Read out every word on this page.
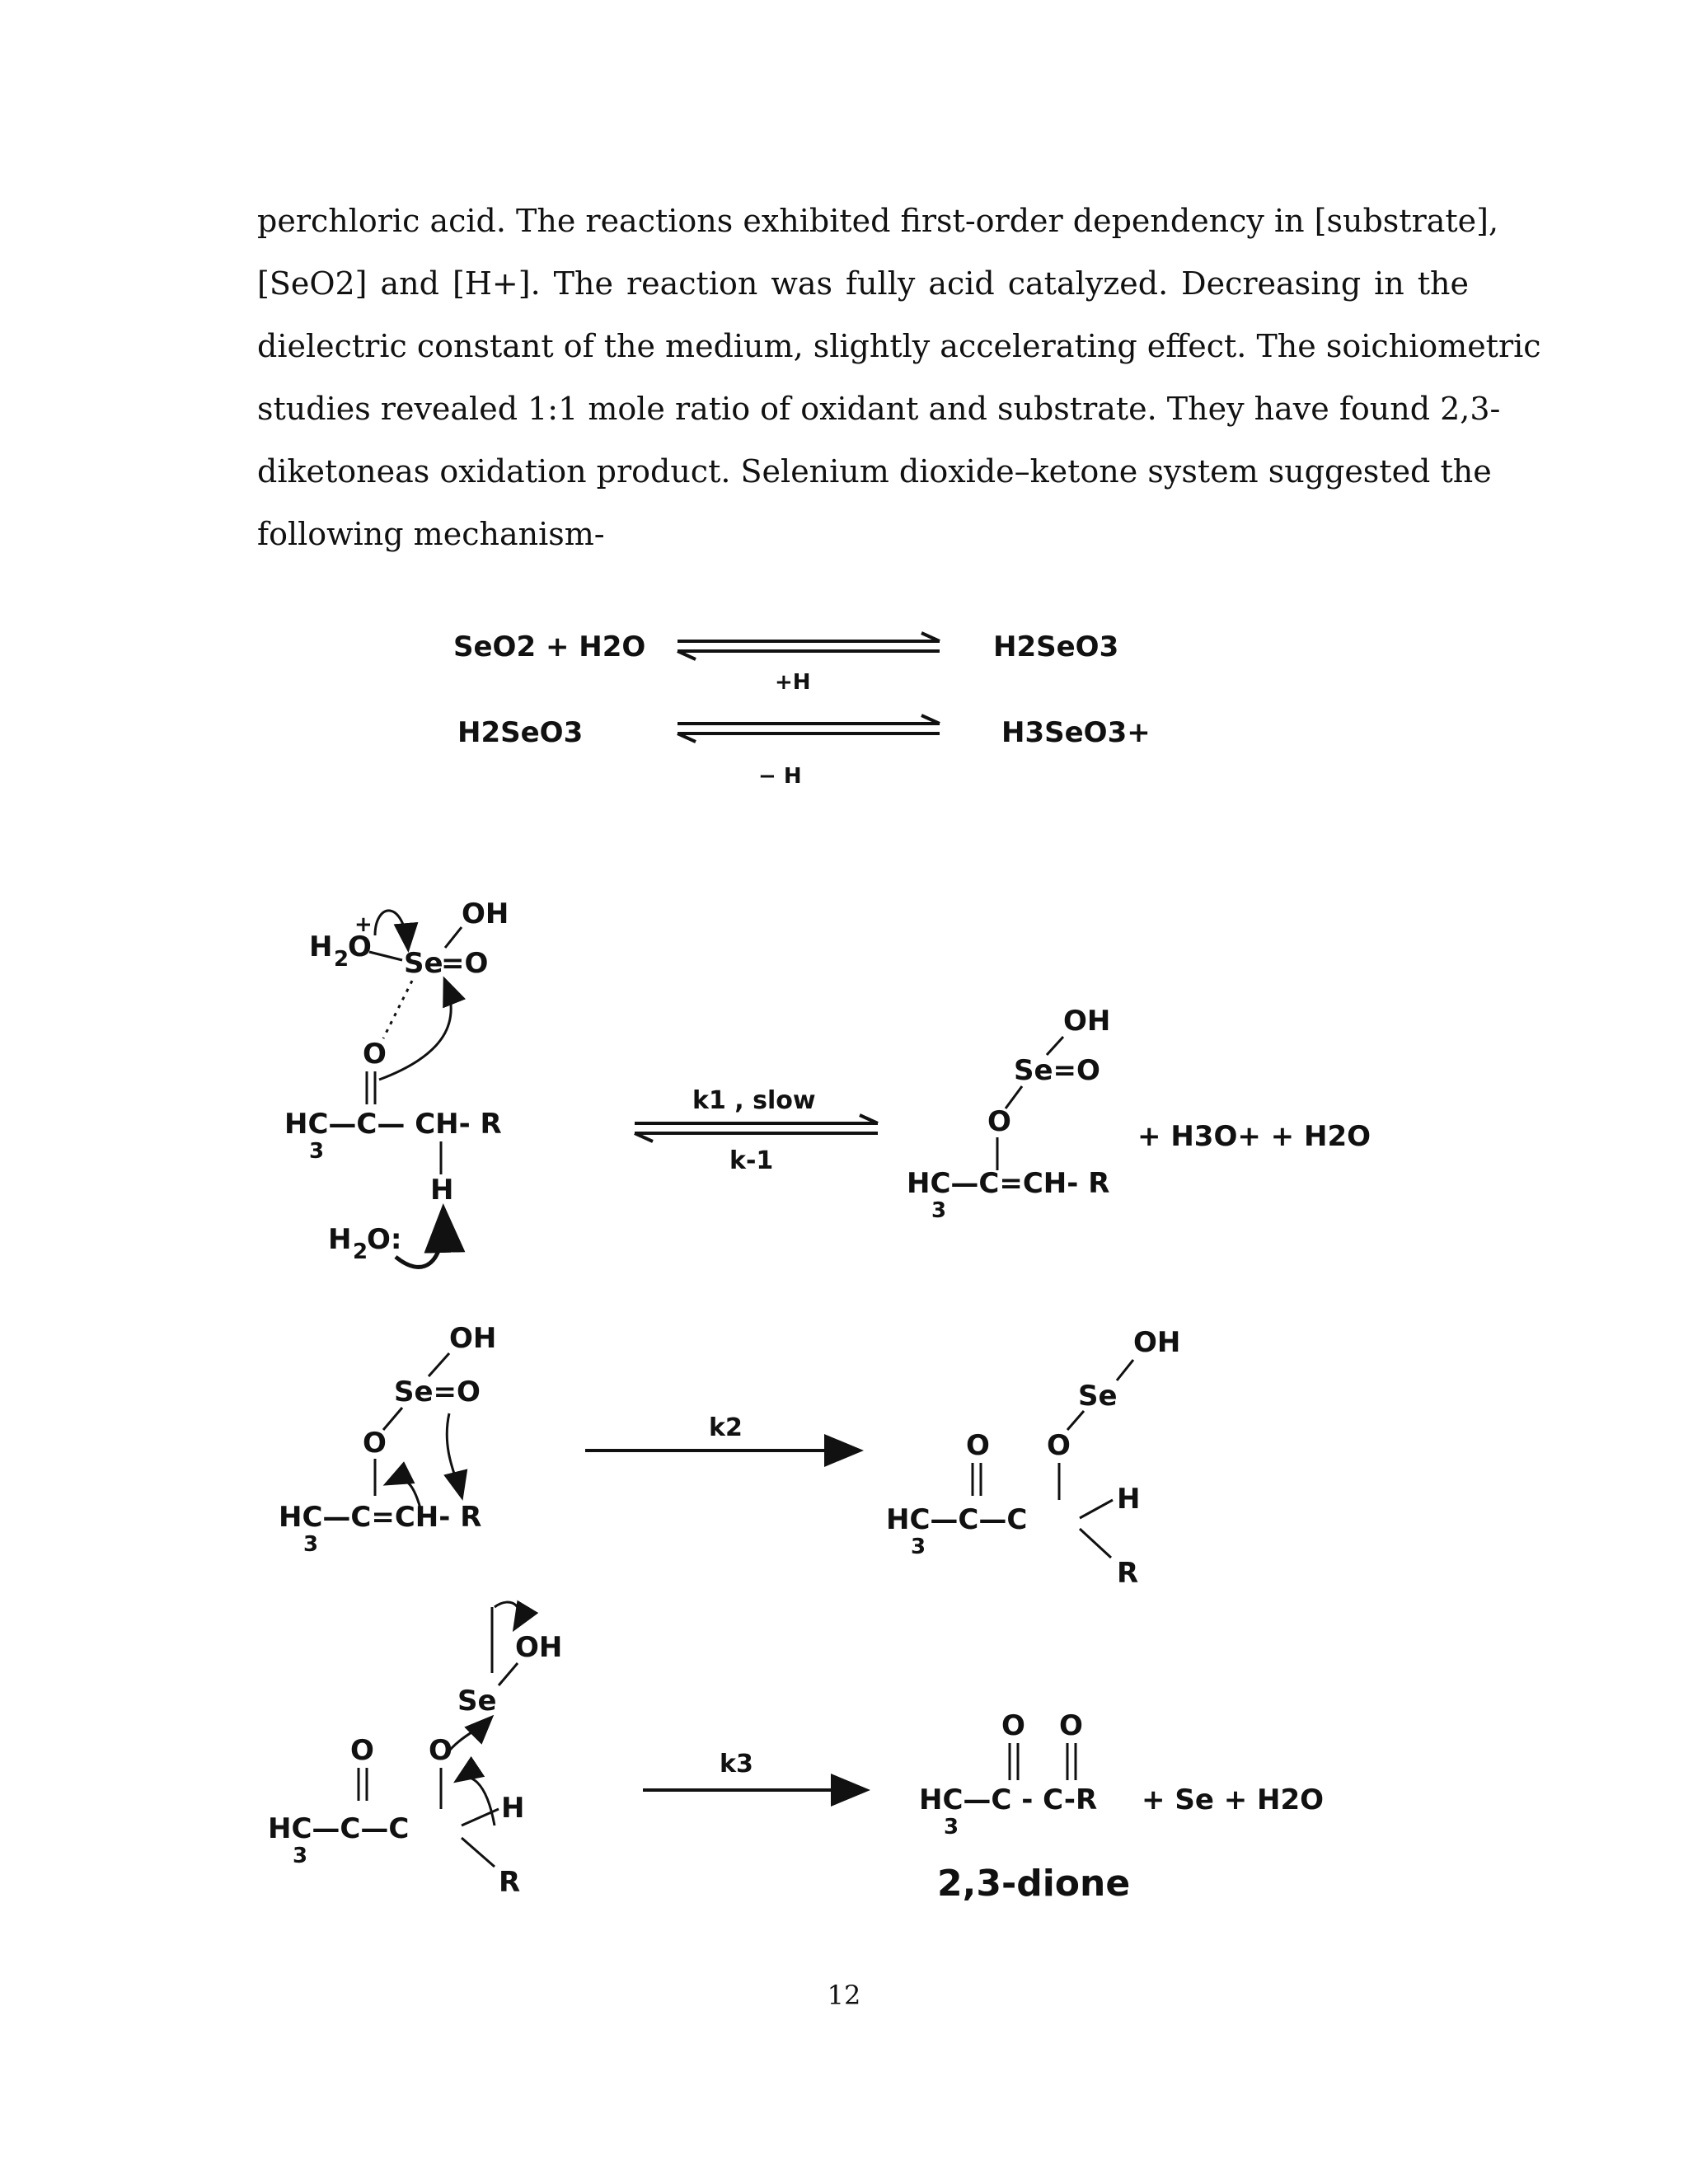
perchloric acid. The reactions exhibited first-order dependency in [substrate],
[SeO2] and [H+]. The reaction was fully acid catalyzed. Decreasing in the
dielectric constant of the medium, slightly accelerating effect. The soichiometric
studies revealed 1:1 mole ratio of oxidant and substrate. They have found 2,3-
diketoneas oxidation product. Selenium dioxide–ketone system suggested the
following mechanism-
SeO2 + H2O	H2SeO3
H2SeO3	H3SeO3+
+H
− H
H 2
O
+
Se
=O
OH
O
HC—C— CH- R
3
H
H 2
O:
k1 , slow
k-1
OH
Se=O
O
HC—C=CH- R
3
+ H3O+ + H2O
OH
Se=O
O
HC—C=CH- R
3
k2
OH
Se
O
O
HC—C—C
3
H
R
OH
Se
O O
HC—C—C
3
H
R
k3
O O
HC—C - C-R
3
+ Se + H2O
2,3-dione
12
